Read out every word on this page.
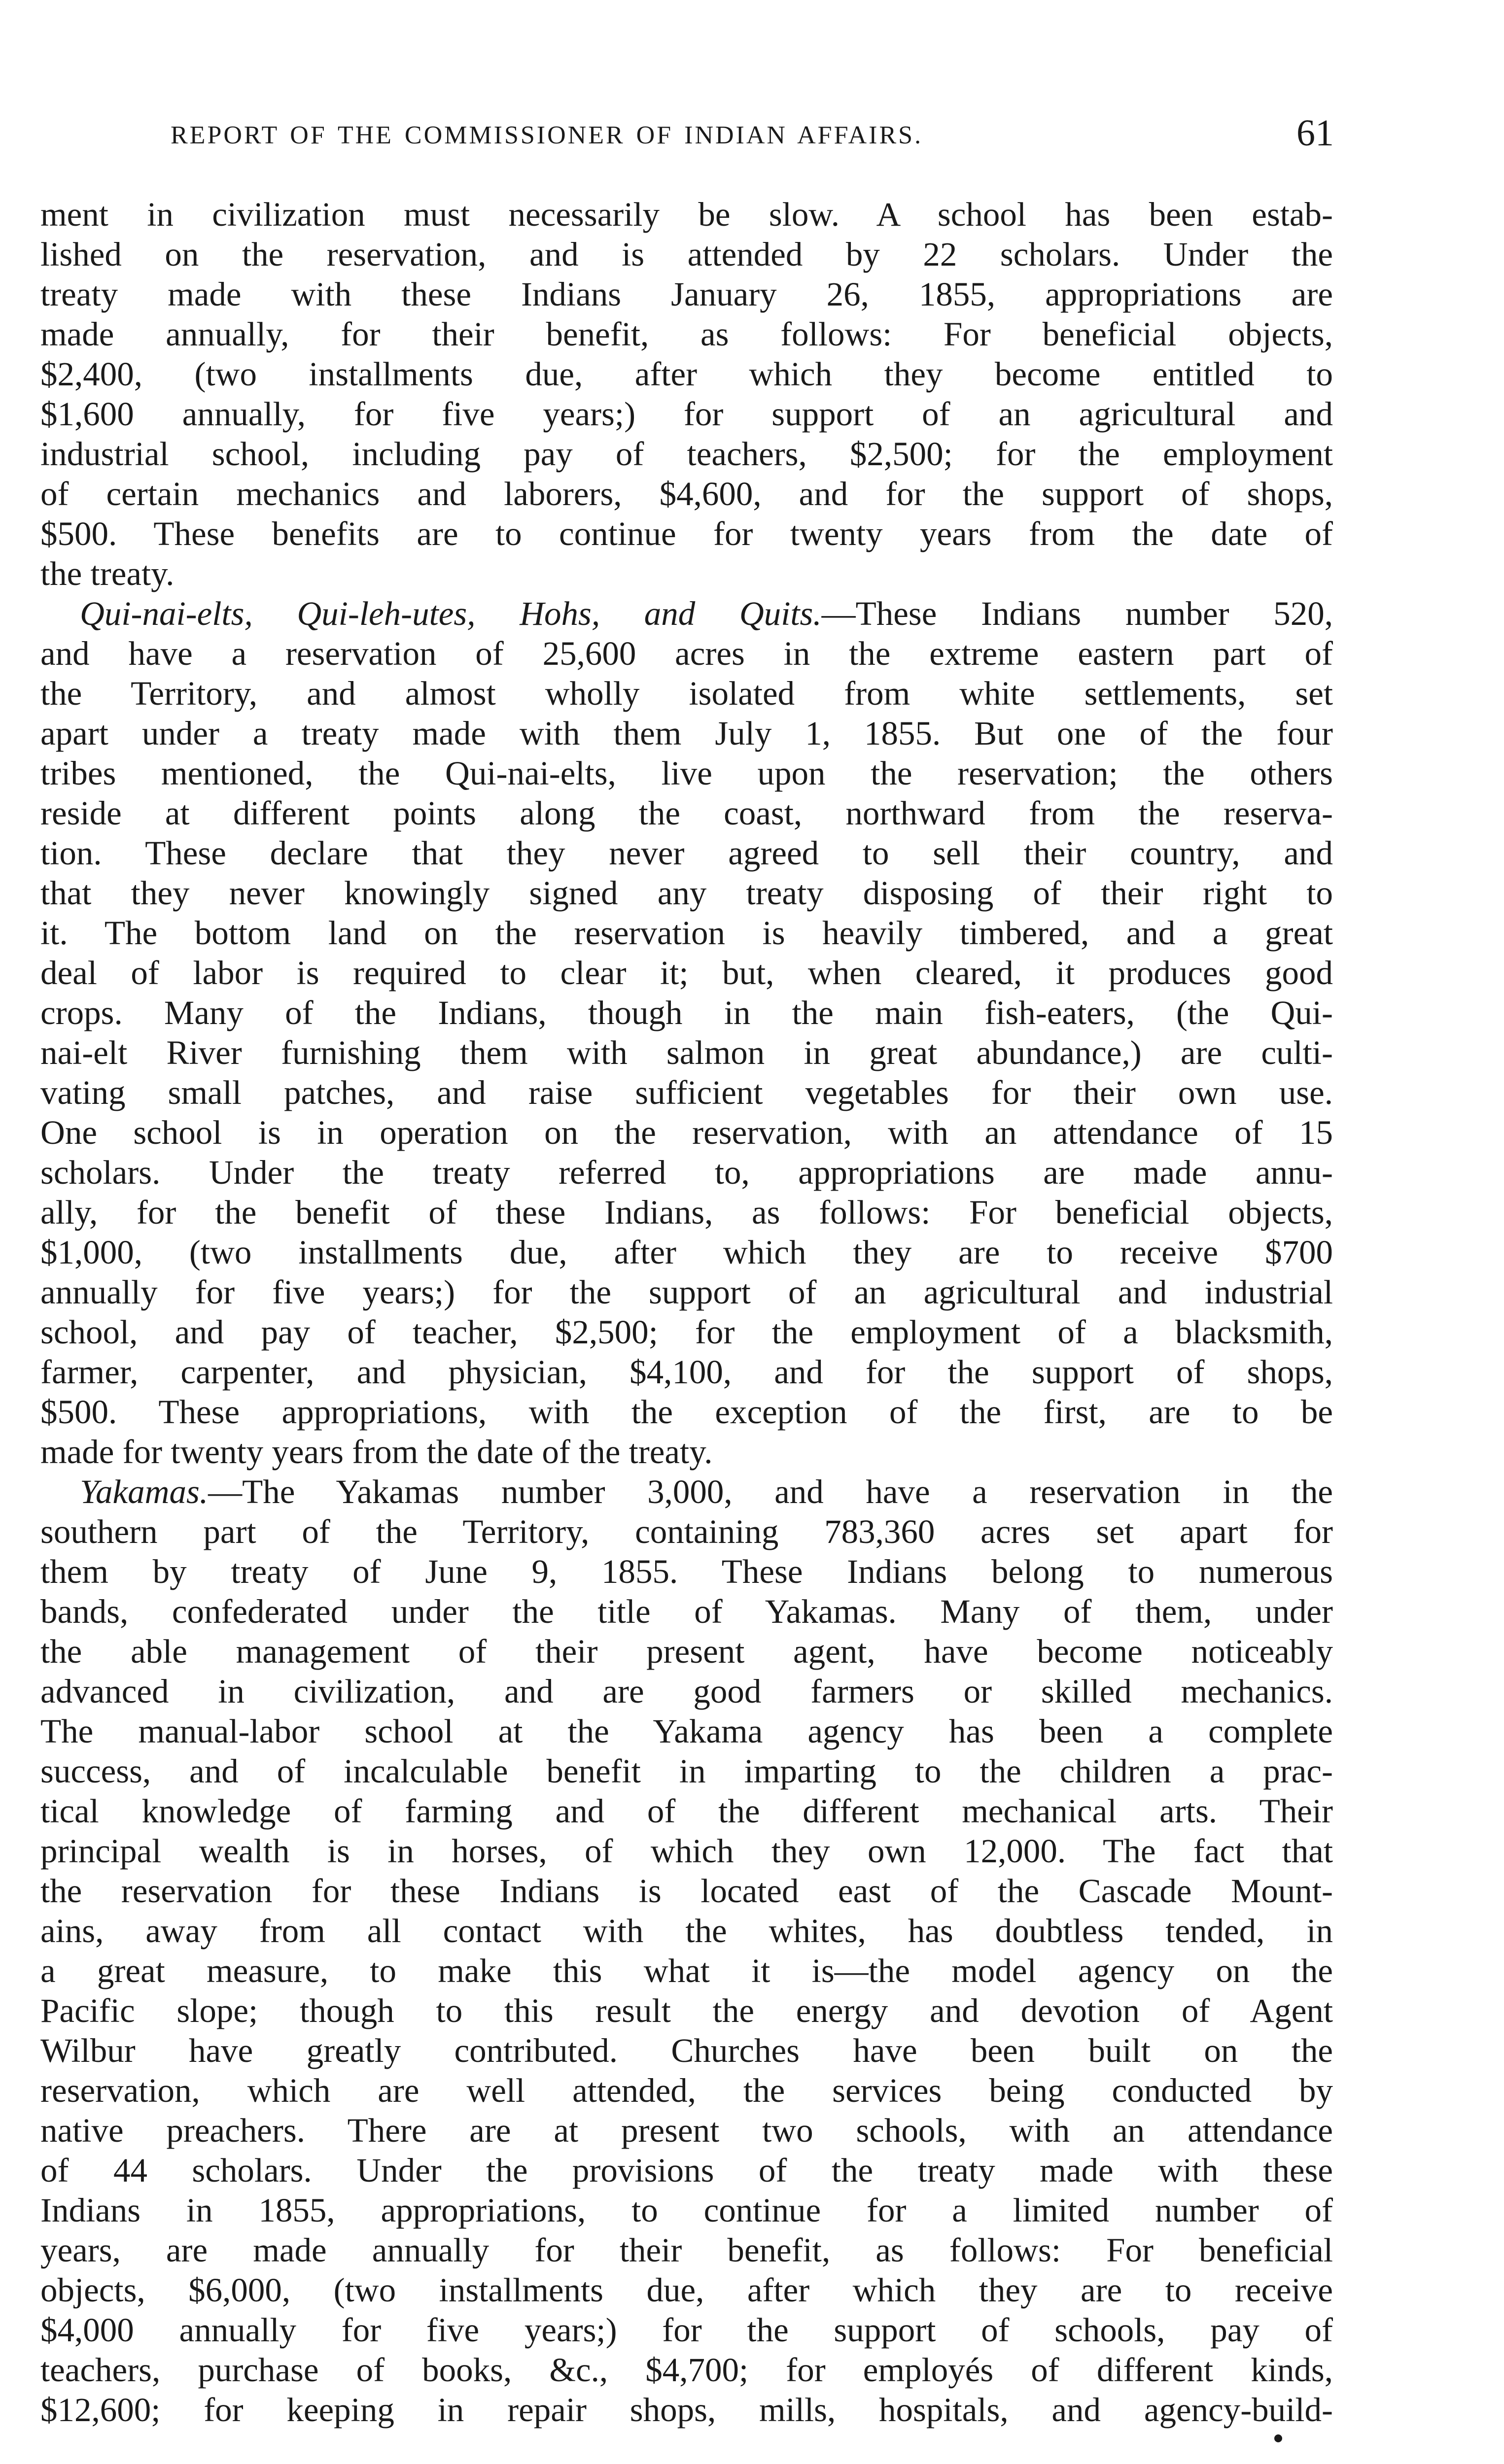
REPORT OF THE COMMISSIONER OF INDIAN AFFAIRS.	61
ment in civilization must necessarily be slow. A school has been estab-
lished on the reservation, and is attended by 22 scholars. Under the
treaty made with these Indians January 26, 1855, appropriations are
made annually, for their benefit, as follows: For beneficial objects,
$2,400, (two installments due, after which they become entitled to
$1,600 annually, for five years;) for support of an agricultural and
industrial school, including pay of teachers, $2,500; for the employment
of certain mechanics and laborers, $4,600, and for the support of shops,
$500. These benefits are to continue for twenty years from the date of
the treaty.
Qui-nai-elts, Qui-leh-utes, Hohs, and Quits.—These Indians number 520,
and have a reservation of 25,600 acres in the extreme eastern part of
the Territory, and almost wholly isolated from white settlements, set
apart under a treaty made with them July 1, 1855. But one of the four
tribes mentioned, the Qui-nai-elts, live upon the reservation; the others
reside at different points along the coast, northward from the reserva-
tion. These declare that they never agreed to sell their country, and
that they never knowingly signed any treaty disposing of their right to
it. The bottom land on the reservation is heavily timbered, and a great
deal of labor is required to clear it; but, when cleared, it produces good
crops. Many of the Indians, though in the main fish-eaters, (the Qui-
nai-elt River furnishing them with salmon in great abundance,) are culti-
vating small patches, and raise sufficient vegetables for their own use.
One school is in operation on the reservation, with an attendance of 15
scholars. Under the treaty referred to, appropriations are made annu-
ally, for the benefit of these Indians, as follows: For beneficial objects,
$1,000, (two installments due, after which they are to receive $700
annually for five years;) for the support of an agricultural and industrial
school, and pay of teacher, $2,500; for the employment of a blacksmith,
farmer, carpenter, and physician, $4,100, and for the support of shops,
$500. These appropriations, with the exception of the first, are to be
made for twenty years from the date of the treaty.
Yakamas.—The Yakamas number 3,000, and have a reservation in the
southern part of the Territory, containing 783,360 acres set apart for
them by treaty of June 9, 1855. These Indians belong to numerous
bands, confederated under the title of Yakamas. Many of them, under
the able management of their present agent, have become noticeably
advanced in civilization, and are good farmers or skilled mechanics.
The manual-labor school at the Yakama agency has been a complete
success, and of incalculable benefit in imparting to the children a prac-
tical knowledge of farming and of the different mechanical arts. Their
principal wealth is in horses, of which they own 12,000. The fact that
the reservation for these Indians is located east of the Cascade Mount-
ains, away from all contact with the whites, has doubtless tended, in
a great measure, to make this what it is—the model agency on the
Pacific slope; though to this result the energy and devotion of Agent
Wilbur have greatly contributed. Churches have been built on the
reservation, which are well attended, the services being conducted by
native preachers. There are at present two schools, with an attendance
of 44 scholars. Under the provisions of the treaty made with these
Indians in 1855, appropriations, to continue for a limited number of
years, are made annually for their benefit, as follows: For beneficial
objects, $6,000, (two installments due, after which they are to receive
$4,000 annually for five years;) for the support of schools, pay of
teachers, purchase of books, &c., $4,700; for employés of different kinds,
$12,600; for keeping in repair shops, mills, hospitals, and agency-build-
